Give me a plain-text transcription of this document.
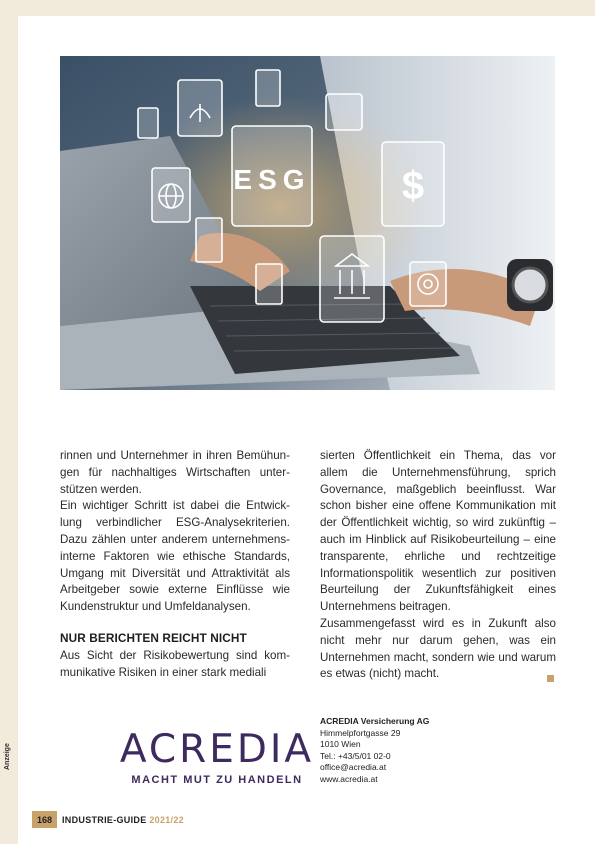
ESG $

rinnen und Unternehmer in ihren Bemühungen für nachhaltiges Wirtschaften unterstützen werden.

Ein wichtiger Schritt ist dabei die Entwicklung verbindlicher ESG-Analysekriterien. Dazu zählen unter anderem unternehmensinterne Faktoren wie ethische Standards, Umgang mit Diversität und Attraktivität als Arbeitgeber sowie externe Einflüsse wie Kundenstruktur und Umfeldanalysen.

NUR BERICHTEN REICHT NICHT

Aus Sicht der Risikobewertung sind kommunikative Risiken in einer stark mediali

sierten Öffentlichkeit ein Thema, das vor allem die Unternehmensführung, sprich Governance, maßgeblich beeinflusst. War schon bisher eine offene Kommunikation mit der Öffentlichkeit wichtig, so wird zukünftig – auch im Hinblick auf Risikobeurteilung – eine transparente, ehrliche und rechtzeitige Informationspolitik wesentlich zur positiven Beurteilung der Zukunftsfähigkeit eines Unternehmens beitragen.

Zusammengefasst wird es in Zukunft also nicht mehr nur darum gehen, was ein Unternehmen macht, sondern wie und warum es etwas (nicht) macht.

ACREDIA
MACHT MUT ZU HANDELN
ACREDIA Versicherung AG
Himmelpfortgasse 29
1010 Wien
Tel.: +43/5/01 02-0
office@acredia.at
www.acredia.at
Anzeige
168	INDUSTRIE-GUIDE 2021/22
